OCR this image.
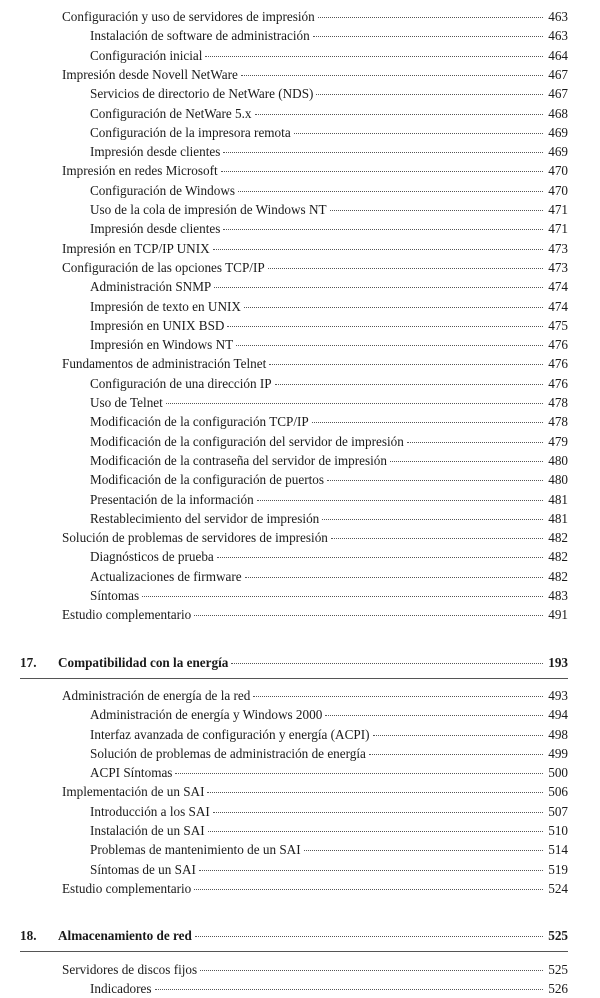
Configuración y uso de servidores de impresión	463
Instalación de software de administración	463
Configuración inicial	464
Impresión desde Novell NetWare	467
Servicios de directorio de NetWare (NDS)	467
Configuración de NetWare 5.x	468
Configuración de la impresora remota	469
Impresión desde clientes	469
Impresión en redes Microsoft	470
Configuración de Windows	470
Uso de la cola de impresión de Windows NT	471
Impresión desde clientes	471
Impresión en TCP/IP UNIX	473
Configuración de las opciones TCP/IP	473
Administración SNMP	474
Impresión de texto en UNIX	474
Impresión en UNIX BSD	475
Impresión en Windows NT	476
Fundamentos de administración Telnet	476
Configuración de una dirección IP	476
Uso de Telnet	478
Modificación de la configuración TCP/IP	478
Modificación de la configuración del servidor de impresión	479
Modificación de la contraseña del servidor de impresión	480
Modificación de la configuración de puertos	480
Presentación de la información	481
Restablecimiento del servidor de impresión	481
Solución de problemas de servidores de impresión	482
Diagnósticos de prueba	482
Actualizaciones de firmware	482
Síntomas	483
Estudio complementario	491
17.	Compatibilidad con la energía	193
Administración de energía de la red	493
Administración de energía y Windows 2000	494
Interfaz avanzada de configuración y energía (ACPI)	498
Solución de problemas de administración de energía	499
ACPI Síntomas	500
Implementación de un SAI	506
Introducción a los SAI	507
Instalación de un SAI	510
Problemas de mantenimiento de un SAI	514
Síntomas de un SAI	519
Estudio complementario	524
18.	Almacenamiento de red	525
Servidores de discos fijos	525
Indicadores	526
